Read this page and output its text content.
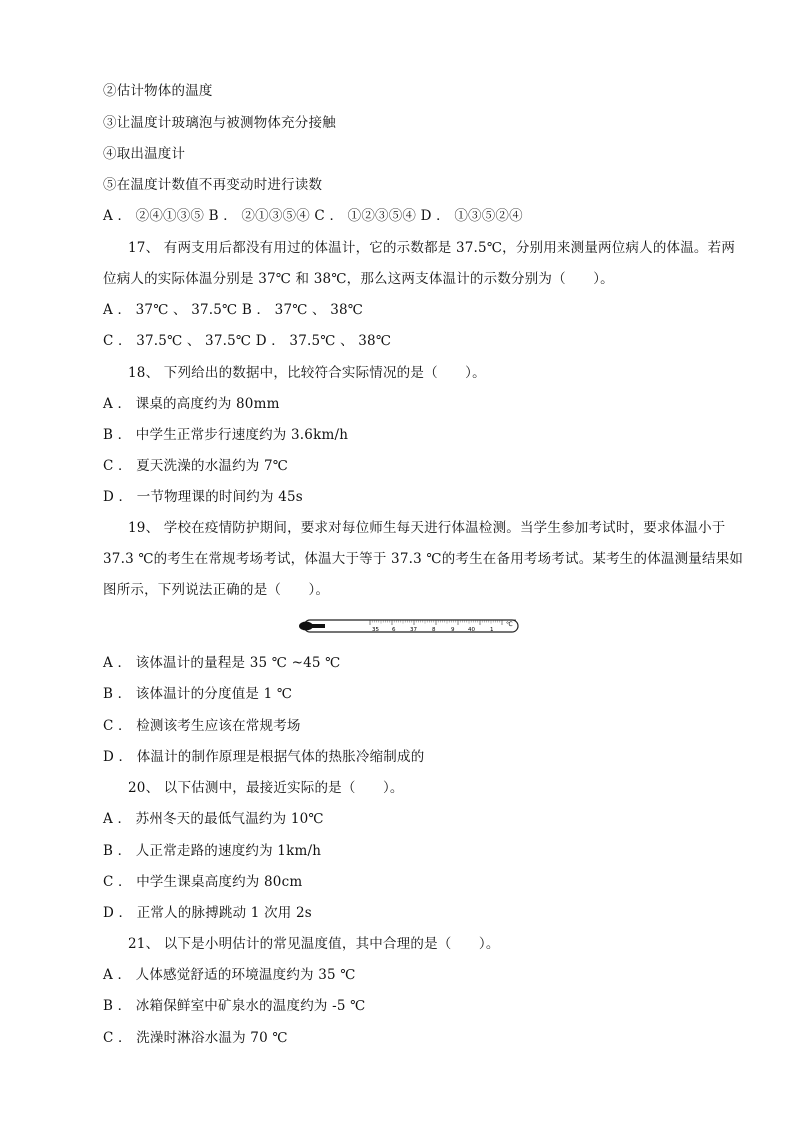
②估计物体的温度
③让温度计玻璃泡与被测物体充分接触
④取出温度计
⑤在温度计数值不再变动时进行读数
A ． ②④①③⑤ B ． ②①③⑤④ C ． ①②③⑤④ D ． ①③⑤②④
17、 有两支用后都没有用过的体温计，它的示数都是 37.5℃，分别用来测量两位病人的体温。若两
位病人的实际体温分别是 37℃ 和 38℃，那么这两支体温计的示数分别为（　　）。
A ． 37℃ 、 37.5℃ B ． 37℃ 、 38℃
C ． 37.5℃ 、 37.5℃ D ． 37.5℃ 、 38℃
18、 下列给出的数据中，比较符合实际情况的是（　　）。
A ． 课桌的高度约为 80mm
B ． 中学生正常步行速度约为 3.6km/h
C ． 夏天洗澡的水温约为 7℃
D ． 一节物理课的时间约为 45s
19、 学校在疫情防护期间，要求对每位师生每天进行体温检测。当学生参加考试时，要求体温小于
37.3 ℃的考生在常规考场考试，体温大于等于 37.3 ℃的考生在备用考场考试。某考生的体温测量结果如
图所示，下列说法正确的是（　　）。
35 6	37	8	9 40	1
℃
A ． 该体温计的量程是 35 ℃ ~45 ℃
B ． 该体温计的分度值是 1 ℃
C ． 检测该考生应该在常规考场
D ． 体温计的制作原理是根据气体的热胀冷缩制成的
20、 以下估测中，最接近实际的是（　　）。
A ． 苏州冬天的最低气温约为 10℃
B ． 人正常走路的速度约为 1km/h
C ． 中学生课桌高度约为 80cm
D ． 正常人的脉搏跳动 1 次用 2s
21、 以下是小明估计的常见温度值，其中合理的是（　　）。
A ． 人体感觉舒适的环境温度约为 35 ℃
B ． 冰箱保鲜室中矿泉水的温度约为 -5 ℃
C ． 洗澡时淋浴水温为 70 ℃
